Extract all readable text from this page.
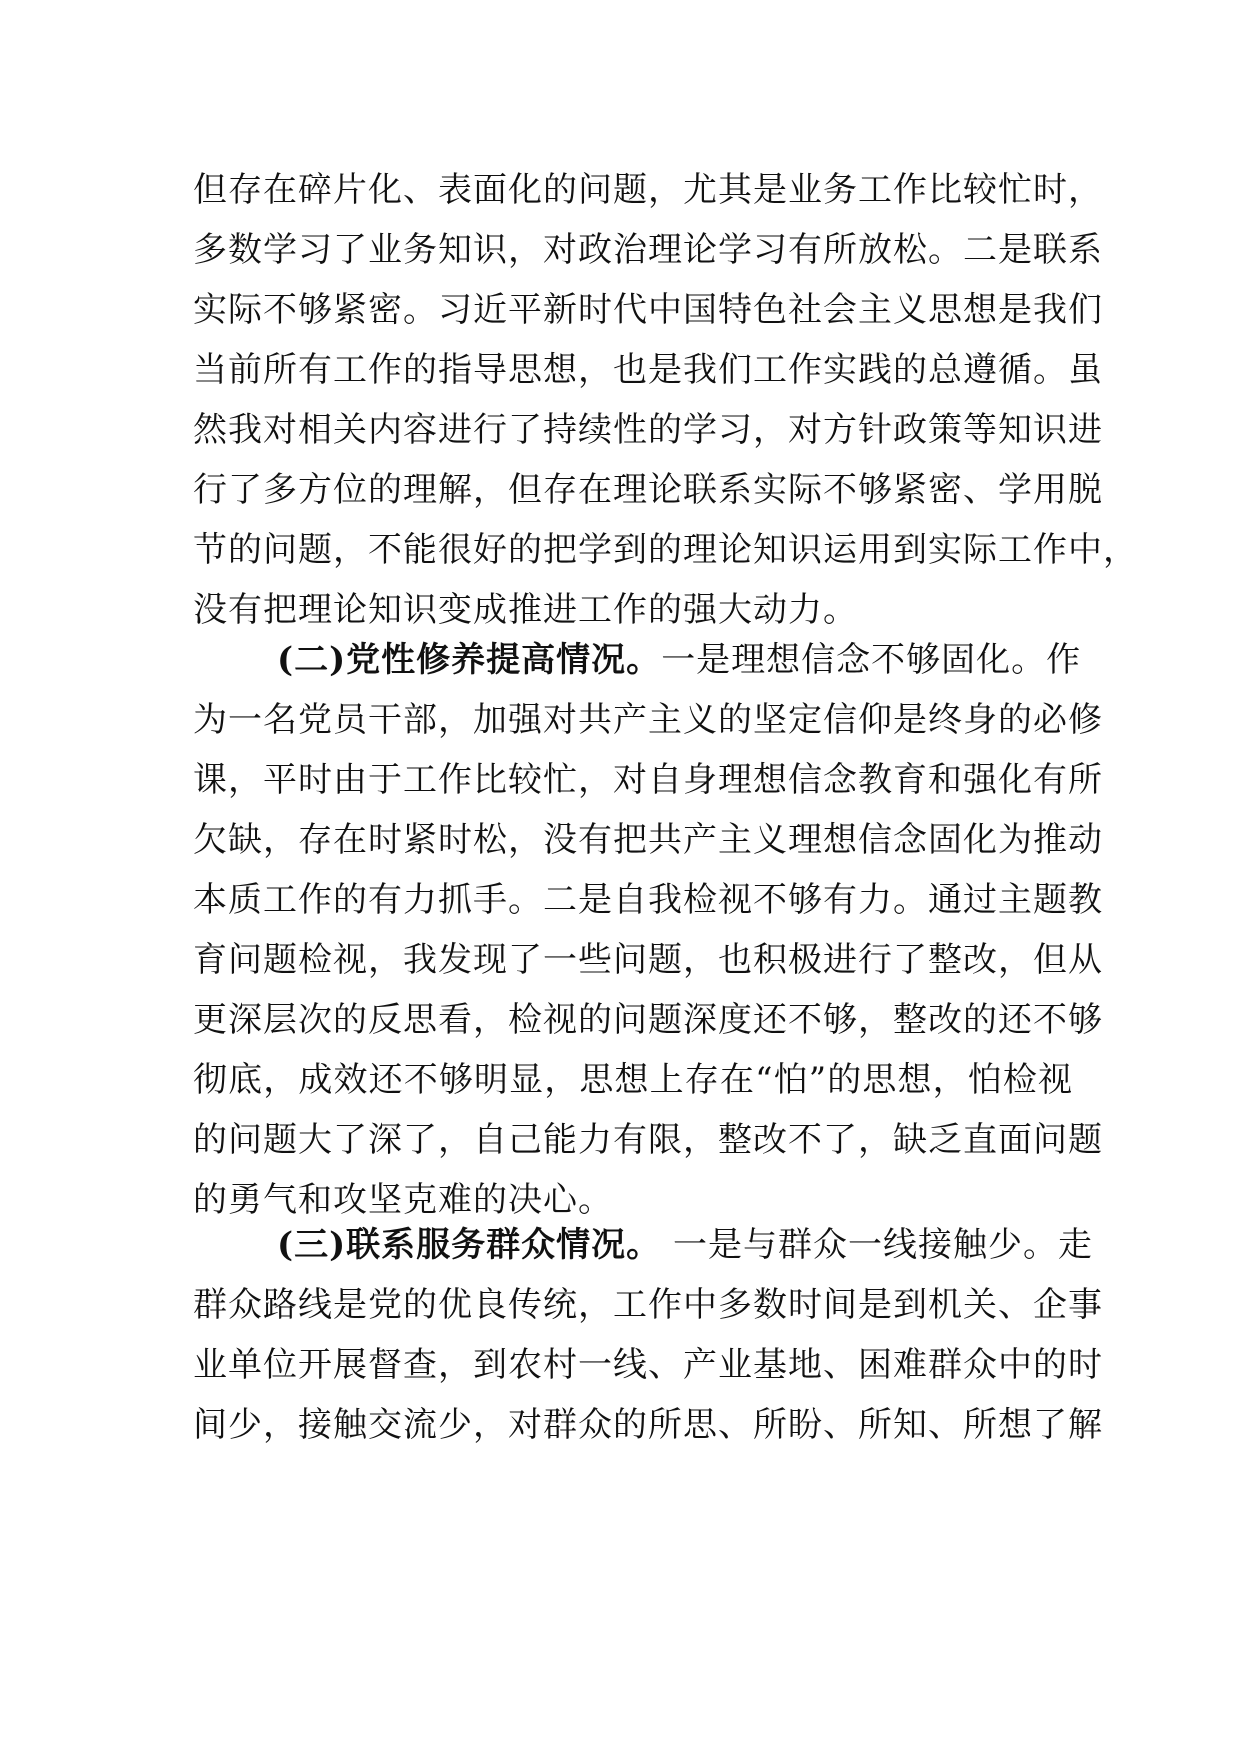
但存在碎片化、表面化的问题，尤其是业务工作比较忙时，
多数学习了业务知识，对政治理论学习有所放松。二是联系
实际不够紧密。习近平新时代中国特色社会主义思想是我们
当前所有工作的指导思想，也是我们工作实践的总遵循。虽
然我对相关内容进行了持续性的学习，对方针政策等知识进
行了多方位的理解，但存在理论联系实际不够紧密、学用脱
节的问题，不能很好的把学到的理论知识运用到实际工作中，
没有把理论知识变成推进工作的强大动力。
(二)党性修养提高情况。一是理想信念不够固化。作
为一名党员干部，加强对共产主义的坚定信仰是终身的必修
课，平时由于工作比较忙，对自身理想信念教育和强化有所
欠缺，存在时紧时松，没有把共产主义理想信念固化为推动
本质工作的有力抓手。二是自我检视不够有力。通过主题教
育问题检视，我发现了一些问题，也积极进行了整改，但从
更深层次的反思看，检视的问题深度还不够，整改的还不够
彻底，成效还不够明显，思想上存在“怕”的思想，怕检视
的问题大了深了，自己能力有限，整改不了，缺乏直面问题
的勇气和攻坚克难的决心。
(三)联系服务群众情况。 一是与群众一线接触少。走
群众路线是党的优良传统，工作中多数时间是到机关、企事
业单位开展督查，到农村一线、产业基地、困难群众中的时
间少，接触交流少，对群众的所思、所盼、所知、所想了解
